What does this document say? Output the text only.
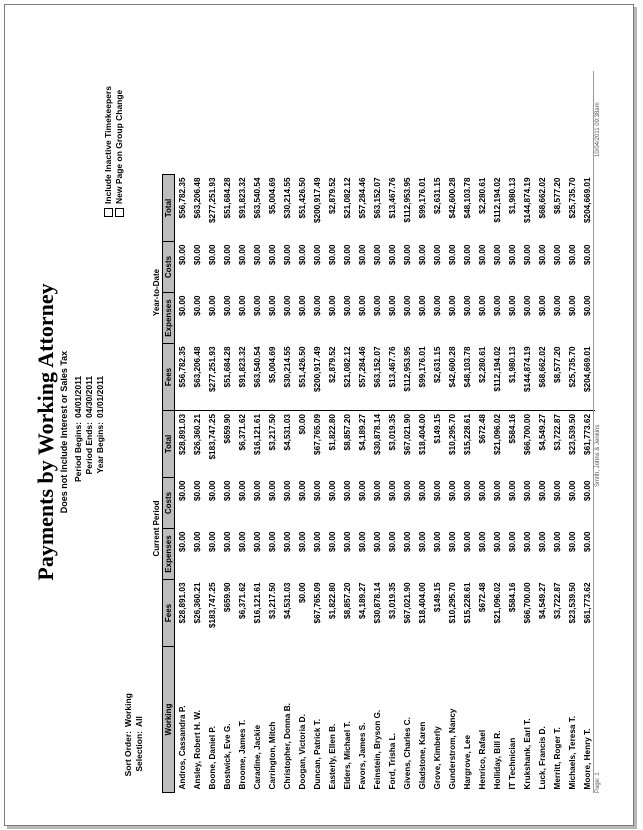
Payments by Working Attorney Does not Include Interest or Sales Tax Period Begins:
04/01/2011
Period Ends:
04/30/2011
Year Begins:
01/01/2011
Sort Order:
Working
Selection:
All
Include Inactive Timekeepers New Page on Group Change
	Current Period				Year-to-Date			
Working	Fees	Expenses	Costs	Total	Fees	Expenses	Costs	Total
Andros, Cassandra P.	$28,891.03	$0.00	$0.00	$28,891.03	$56,782.35	$0.00	$0.00	$56,782.35
Ansley, Robert H. W.	$26,360.21	$0.00	$0.00	$26,360.21	$63,206.48	$0.00	$0.00	$63,206.48
Boone, Daniel P.	$183,747.25	$0.00	$0.00	$183,747.25	$277,251.93	$0.00	$0.00	$277,251.93
Bostwick, Eve G.	$659.90	$0.00	$0.00	$659.90	$51,684.28	$0.00	$0.00	$51,684.28
Broome, James T.	$6,371.62	$0.00	$0.00	$6,371.62	$91,823.32	$0.00	$0.00	$91,823.32
Caradine, Jackie	$16,121.61	$0.00	$0.00	$16,121.61	$63,540.54	$0.00	$0.00	$63,540.54
Carrington, Mitch	$3,217.50	$0.00	$0.00	$3,217.50	$5,004.69	$0.00	$0.00	$5,004.69
Christopher, Donna B.	$4,531.03	$0.00	$0.00	$4,531.03	$30,214.55	$0.00	$0.00	$30,214.55
Doogan, Victoria D.	$0.00	$0.00	$0.00	$0.00	$51,426.50	$0.00	$0.00	$51,426.50
Duncan, Patrick T.	$67,765.09	$0.00	$0.00	$67,765.09	$200,917.49	$0.00	$0.00	$200,917.49
Easterly, Ellen B.	$1,822.80	$0.00	$0.00	$1,822.80	$2,879.52	$0.00	$0.00	$2,879.52
Elders, Michael T.	$8,857.20	$0.00	$0.00	$8,857.20	$21,082.12	$0.00	$0.00	$21,082.12
Favors, James S.	$4,189.27	$0.00	$0.00	$4,189.27	$57,284.46	$0.00	$0.00	$57,284.46
Feinstein, Bryson G.	$30,878.14	$0.00	$0.00	$30,878.14	$63,152.07	$0.00	$0.00	$63,152.07
Ford, Trisha L.	$3,019.35	$0.00	$0.00	$3,019.35	$13,467.76	$0.00	$0.00	$13,467.76
Givens, Charles C.	$67,021.90	$0.00	$0.00	$67,021.90	$112,953.95	$0.00	$0.00	$112,953.95
Gladstone, Karen	$18,404.00	$0.00	$0.00	$18,404.00	$99,176.01	$0.00	$0.00	$99,176.01
Grove, Kimberly	$149.15	$0.00	$0.00	$149.15	$2,631.15	$0.00	$0.00	$2,631.15
Gunderstrom, Nancy	$10,295.70	$0.00	$0.00	$10,295.70	$42,600.28	$0.00	$0.00	$42,600.28
Hargrove, Lee	$15,228.61	$0.00	$0.00	$15,228.61	$48,103.78	$0.00	$0.00	$48,103.78
Henrico, Rafael	$672.48	$0.00	$0.00	$672.48	$2,280.61	$0.00	$0.00	$2,280.61
Holliday, Bill R.	$21,096.02	$0.00	$0.00	$21,096.02	$112,194.02	$0.00	$0.00	$112,194.02
IT Technician	$584.16	$0.00	$0.00	$584.16	$1,980.13	$0.00	$0.00	$1,980.13
Krukshank, Earl T.	$66,700.00	$0.00	$0.00	$66,700.00	$144,874.19	$0.00	$0.00	$144,874.19
Luck, Francis D.	$4,549.27	$0.00	$0.00	$4,549.27	$68,662.02	$0.00	$0.00	$68,662.02
Merritt, Roger T.	$3,722.87	$0.00	$0.00	$3,722.87	$8,577.20	$0.00	$0.00	$8,577.20
Michaels, Teresa T.	$23,539.50	$0.00	$0.00	$23,539.50	$25,735.70	$0.00	$0.00	$25,735.70
Moore, Henry T.	$61,773.62	$0.00	$0.00	$61,773.62	$204,669.01	$0.00	$0.00	$204,669.01
Page: 1
Smith, Johns & Jenkins
10/04/2011 09:38am
